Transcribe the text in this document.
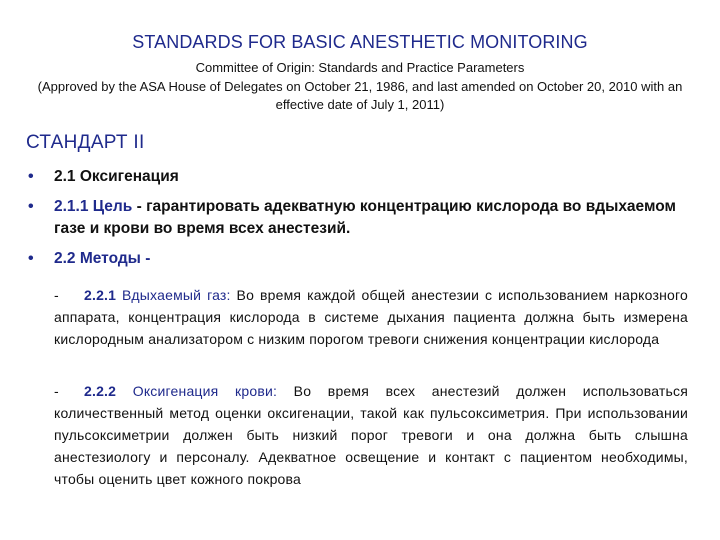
STANDARDS FOR BASIC ANESTHETIC MONITORING
Committee of Origin: Standards and Practice Parameters
(Approved by the ASA House of Delegates on October 21, 1986, and last amended on October 20, 2010 with an effective date of July 1, 2011)
СТАНДАРТ II
• 2.1 Оксигенация
• 2.1.1 Цель - гарантировать адекватную концентрацию кислорода во вдыхаемом газе и крови во время всех анестезий.
• 2.2 Методы -
- 2.2.1 Вдыхаемый газ: Во время каждой общей анестезии с использованием наркозного аппарата, концентрация кислорода в системе дыхания пациента должна быть измерена кислородным анализатором с низким порогом тревоги снижения концентрации кислорода
- 2.2.2 Оксигенация крови: Во время всех анестезий должен использоваться количественный метод оценки оксигенации, такой как пульсоксиметрия. При использовании пульсоксиметрии должен быть низкий порог тревоги и она должна быть слышна анестезиологу и персоналу. Адекватное освещение и контакт с пациентом необходимы, чтобы оценить цвет кожного покрова
